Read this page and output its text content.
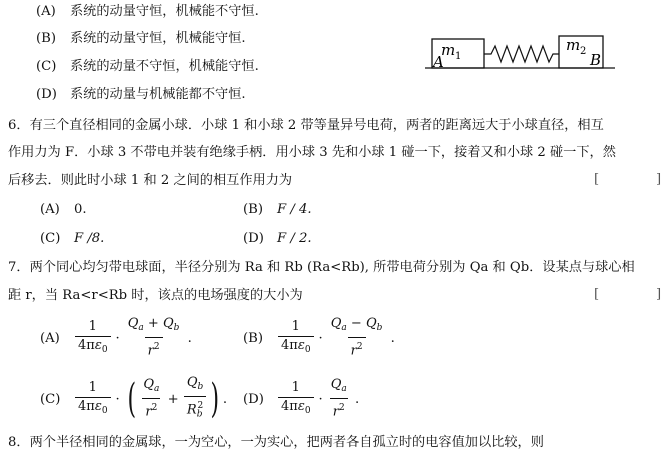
(A) 系统的动量守恒，机械能不守恒.
(B) 系统的动量守恒，机械能守恒.
(C) 系统的动量不守恒，机械能守恒.
(D) 系统的动量与机械能都不守恒.
m 1
m 2
A	B
6．有三个直径相同的金属小球．小球 1 和小球 2 带等量异号电荷，两者的距离远大于小球直径，相互
作用力为 F．小球 3 不带电并装有绝缘手柄．用小球 3 先和小球 1 碰一下，接着又和小球 2 碰一下，然
后移去．则此时小球 1 和 2 之间的相互作用力为	[	]
(A) 0.	(B) F / 4.
(C) F /8.	(D) F / 2.
7．两个同心均匀带电球面，半径分别为 Ra 和 Rb (Ra<Rb), 所带电荷分别为 Qa 和 Qb．设某点与球心相
距 r，当 Ra<r<Rb 时，该点的电场强度的大小为	[	]
(A)	$\frac{1}{4\pi\varepsilon_0} \cdot \frac{Q_a + Q_b}{r^2}$ .	(B)	$\frac{1}{4\pi\varepsilon_0} \cdot \frac{Q_a - Q_b}{r^2}$ .
(C)	$\frac{1}{4\pi\varepsilon_0}$ · ( $\frac{Q_a}{r^2} + \frac{Q_b}{R_b^2}$ ) . (D)	$\frac{1}{4\pi\varepsilon_0} \cdot \frac{Q_a}{r^2}$ .
8．两个半径相同的金属球，一为空心，一为实心，把两者各自孤立时的电容值加以比较，则
